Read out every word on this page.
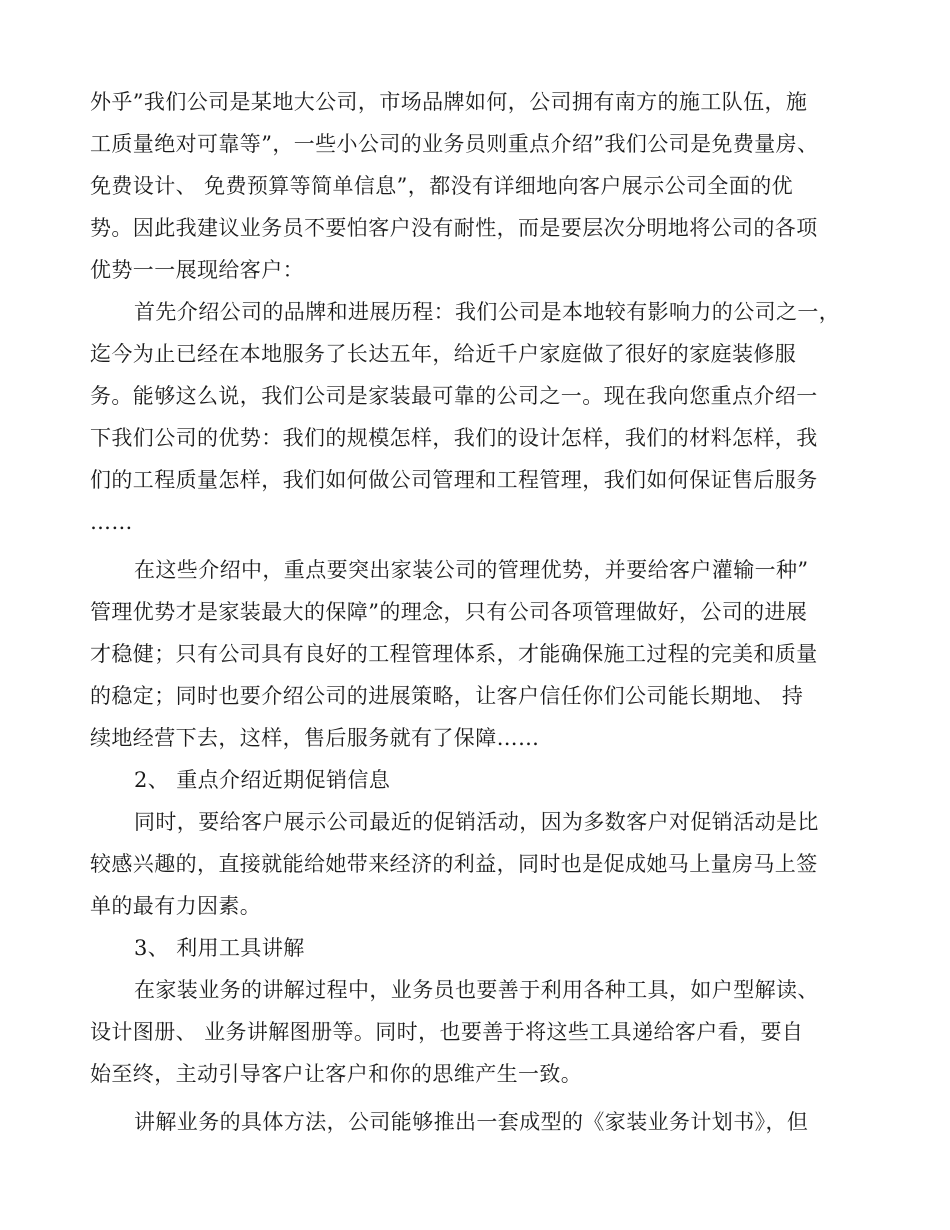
外乎”我们公司是某地大公司，市场品牌如何，公司拥有南方的施工队伍，施
工质量绝对可靠等”，一些小公司的业务员则重点介绍”我们公司是免费量房、
免费设计、 免费预算等简单信息”，都没有详细地向客户展示公司全面的优
势。因此我建议业务员不要怕客户没有耐性，而是要层次分明地将公司的各项
优势一一展现给客户：
首先介绍公司的品牌和进展历程：我们公司是本地较有影响力的公司之一，
迄今为止已经在本地服务了长达五年，给近千户家庭做了很好的家庭装修服
务。能够这么说，我们公司是家装最可靠的公司之一。现在我向您重点介绍一
下我们公司的优势：我们的规模怎样，我们的设计怎样，我们的材料怎样，我
们的工程质量怎样，我们如何做公司管理和工程管理，我们如何保证售后服务
……
在这些介绍中，重点要突出家装公司的管理优势，并要给客户灌输一种”
管理优势才是家装最大的保障”的理念，只有公司各项管理做好，公司的进展
才稳健；只有公司具有良好的工程管理体系，才能确保施工过程的完美和质量
的稳定；同时也要介绍公司的进展策略，让客户信任你们公司能长期地、 持
续地经营下去，这样，售后服务就有了保障……
2、 重点介绍近期促销信息
同时，要给客户展示公司最近的促销活动，因为多数客户对促销活动是比
较感兴趣的，直接就能给她带来经济的利益，同时也是促成她马上量房马上签
单的最有力因素。
3、 利用工具讲解
在家装业务的讲解过程中，业务员也要善于利用各种工具，如户型解读、
设计图册、 业务讲解图册等。同时，也要善于将这些工具递给客户看，要自
始至终，主动引导客户让客户和你的思维产生一致。
讲解业务的具体方法，公司能够推出一套成型的《家装业务计划书》，但
